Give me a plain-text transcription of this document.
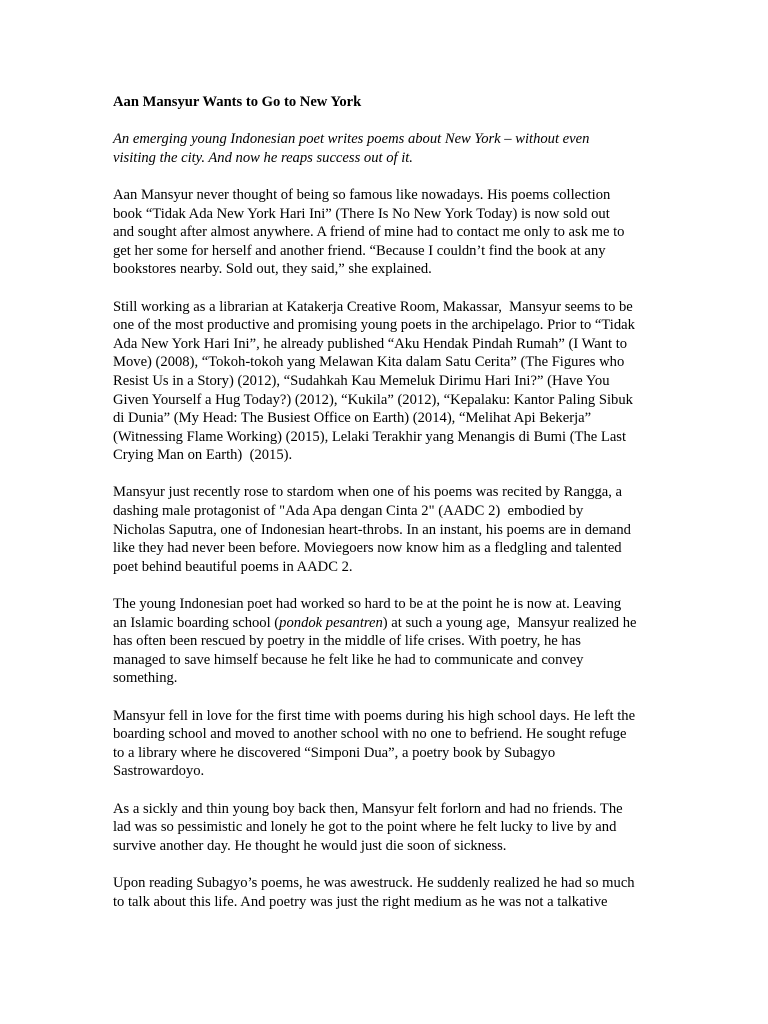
Aan Mansyur Wants to Go to New York
An emerging young Indonesian poet writes poems about New York – without even
visiting the city. And now he reaps success out of it.
Aan Mansyur never thought of being so famous like nowadays. His poems collection
book “Tidak Ada New York Hari Ini” (There Is No New York Today) is now sold out
and sought after almost anywhere. A friend of mine had to contact me only to ask me to
get her some for herself and another friend. “Because I couldn’t find the book at any
bookstores nearby. Sold out, they said,” she explained.
Still working as a librarian at Katakerja Creative Room, Makassar,  Mansyur seems to be
one of the most productive and promising young poets in the archipelago. Prior to “Tidak
Ada New York Hari Ini”, he already published “Aku Hendak Pindah Rumah” (I Want to
Move) (2008), “Tokoh-tokoh yang Melawan Kita dalam Satu Cerita” (The Figures who
Resist Us in a Story) (2012), “Sudahkah Kau Memeluk Dirimu Hari Ini?” (Have You
Given Yourself a Hug Today?) (2012), “Kukila” (2012), “Kepalaku: Kantor Paling Sibuk
di Dunia” (My Head: The Busiest Office on Earth) (2014), “Melihat Api Bekerja”
(Witnessing Flame Working) (2015), Lelaki Terakhir yang Menangis di Bumi (The Last
Crying Man on Earth)  (2015).
Mansyur just recently rose to stardom when one of his poems was recited by Rangga, a
dashing male protagonist of "Ada Apa dengan Cinta 2" (AADC 2)  embodied by
Nicholas Saputra, one of Indonesian heart-throbs. In an instant, his poems are in demand
like they had never been before. Moviegoers now know him as a fledgling and talented
poet behind beautiful poems in AADC 2.
The young Indonesian poet had worked so hard to be at the point he is now at. Leaving
an Islamic boarding school (pondok pesantren) at such a young age,  Mansyur realized he
has often been rescued by poetry in the middle of life crises. With poetry, he has
managed to save himself because he felt like he had to communicate and convey
something.
Mansyur fell in love for the first time with poems during his high school days. He left the
boarding school and moved to another school with no one to befriend. He sought refuge
to a library where he discovered “Simponi Dua”, a poetry book by Subagyo
Sastrowardoyo.
As a sickly and thin young boy back then, Mansyur felt forlorn and had no friends. The
lad was so pessimistic and lonely he got to the point where he felt lucky to live by and
survive another day. He thought he would just die soon of sickness.
Upon reading Subagyo’s poems, he was awestruck. He suddenly realized he had so much
to talk about this life. And poetry was just the right medium as he was not a talkative
